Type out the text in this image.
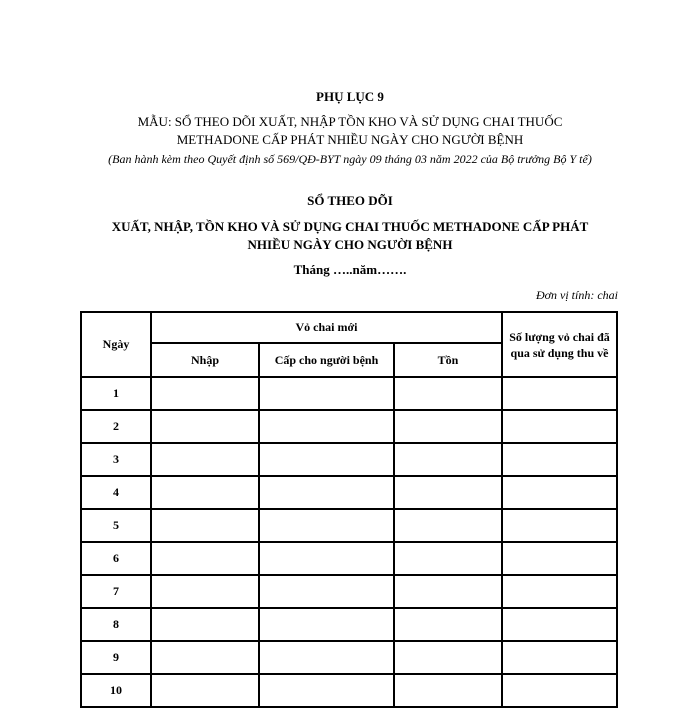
PHỤ LỤC 9
MẪU: SỔ THEO DÕI XUẤT, NHẬP TỒN KHO VÀ SỬ DỤNG CHAI THUỐC
METHADONE CẤP PHÁT NHIỀU NGÀY CHO NGƯỜI BỆNH
(Ban hành kèm theo Quyết định số 569/QĐ-BYT ngày 09 tháng 03 năm 2022 của Bộ trưởng Bộ Y tế)
SỔ THEO DÕI
XUẤT, NHẬP, TỒN KHO VÀ SỬ DỤNG CHAI THUỐC METHADONE CẤP PHÁT
NHIỀU NGÀY CHO NGƯỜI BỆNH
Tháng …..năm…….
Đơn vị tính: chai
Ngày	Vỏ chai mới			Số lượng vỏ chai đã qua sử dụng thu về
	Nhập	Cấp cho người bệnh	Tồn	
1				
2				
3				
4				
5				
6				
7				
8				
9				
10				
